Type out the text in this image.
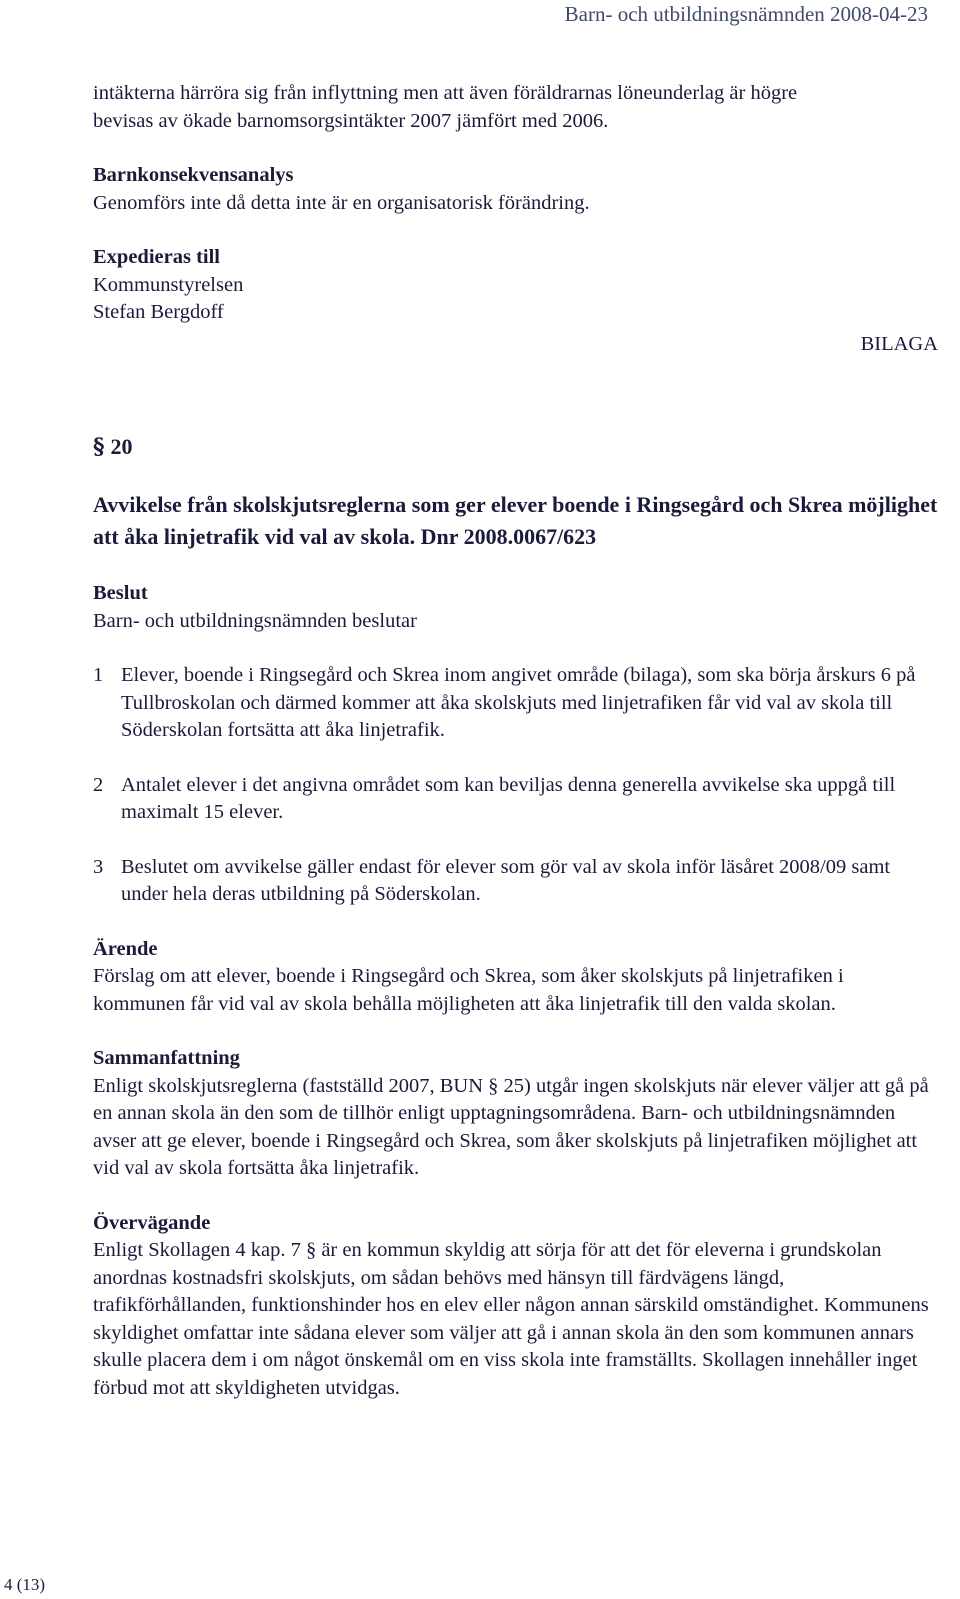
Barn- och utbildningsnämnden 2008-04-23

intäkterna härröra sig från inflyttning men att även föräldrarnas löneunderlag är högre

bevisas av ökade barnomsorgsintäkter 2007 jämfört med 2006.

Barnkonsekvensanalys

Genomförs inte då detta inte är en organisatorisk förändring.

Expedieras till

Kommunstyrelsen

Stefan Bergdoff

BILAGA

§ 20

Avvikelse från skolskjutsreglerna som ger elever boende i Ringsegård och Skrea möjlighet att åka linjetrafik vid val av skola. Dnr 2008.0067/623

Beslut

Barn- och utbildningsnämnden beslutar

1 Elever, boende i Ringsegård och Skrea inom angivet område (bilaga), som ska börja årskurs 6 på Tullbroskolan och därmed kommer att åka skolskjuts med linjetrafiken får vid val av skola till Söderskolan fortsätta att åka linjetrafik.
2 Antalet elever i det angivna området som kan beviljas denna generella avvikelse ska uppgå till maximalt 15 elever.
3 Beslutet om avvikelse gäller endast för elever som gör val av skola inför läsåret 2008/09 samt under hela deras utbildning på Söderskolan.

Ärende

Förslag om att elever, boende i Ringsegård och Skrea, som åker skolskjuts på linjetrafiken i kommunen får vid val av skola behålla möjligheten att åka linjetrafik till den valda skolan.

Sammanfattning

Enligt skolskjutsreglerna (fastställd 2007, BUN § 25) utgår ingen skolskjuts när elever väljer att gå på en annan skola än den som de tillhör enligt upptagningsområdena. Barn- och utbildningsnämnden avser att ge elever, boende i Ringsegård och Skrea, som åker skolskjuts på linjetrafiken möjlighet att vid val av skola fortsätta åka linjetrafik.

Övervägande

Enligt Skollagen 4 kap. 7 § är en kommun skyldig att sörja för att det för eleverna i grundskolan anordnas kostnadsfri skolskjuts, om sådan behövs med hänsyn till färdvägens längd, trafikförhållanden, funktionshinder hos en elev eller någon annan särskild omständighet. Kommunens skyldighet omfattar inte sådana elever som väljer att gå i annan skola än den som kommunen annars skulle placera dem i om något önskemål om en viss skola inte framställts. Skollagen innehåller inget förbud mot att skyldigheten utvidgas.

4 (13)
